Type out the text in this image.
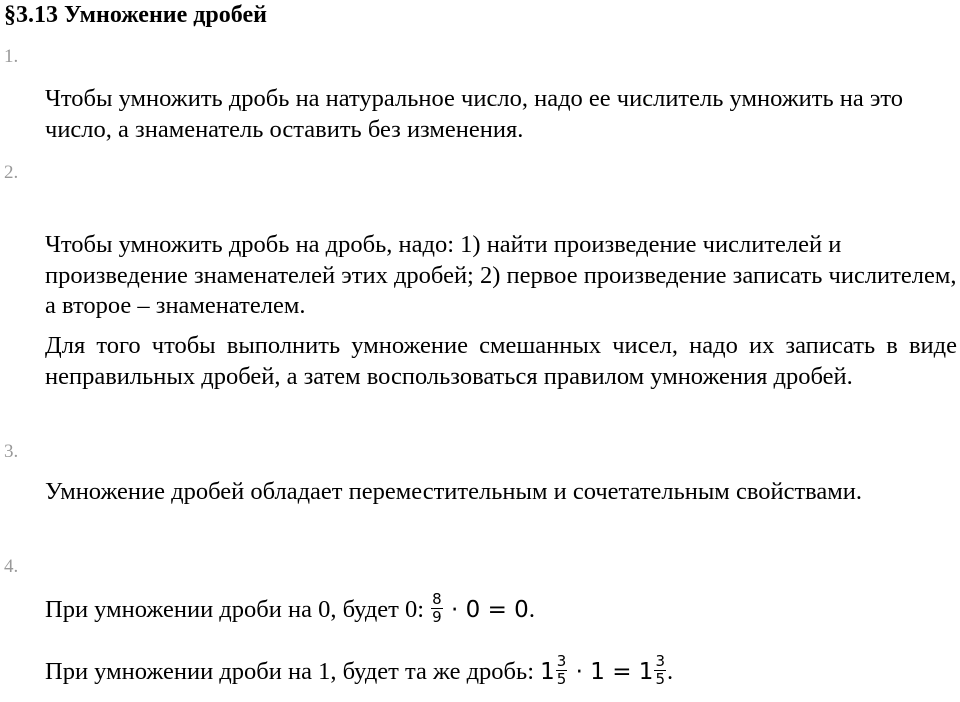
§3.13 Умножение дробей
1.

Чтобы умножить дробь на натуральное число, надо ее числитель умножить на это число, а знаменатель оставить без изменения.

2.

Чтобы умножить дробь на дробь, надо: 1) найти произведение числителей и произведение знаменателей этих дробей; 2) первое произведение записать числителем, а второе – знаменателем.

Для того чтобы выполнить умножение смешанных чисел, надо их записать в виде неправильных дробей, а затем воспользоваться правилом умножения дробей.

3.

Умножение дробей обладает переместительным и сочетательным свойствами.

4.
При умножении дроби на 0, будет 0: $\frac{8}{9} \cdot 0 = 0$.
При умножении дроби на 1, будет та же дробь: $1 \frac{3}{5} \cdot 1 = 1 \frac{3}{5}$ .
